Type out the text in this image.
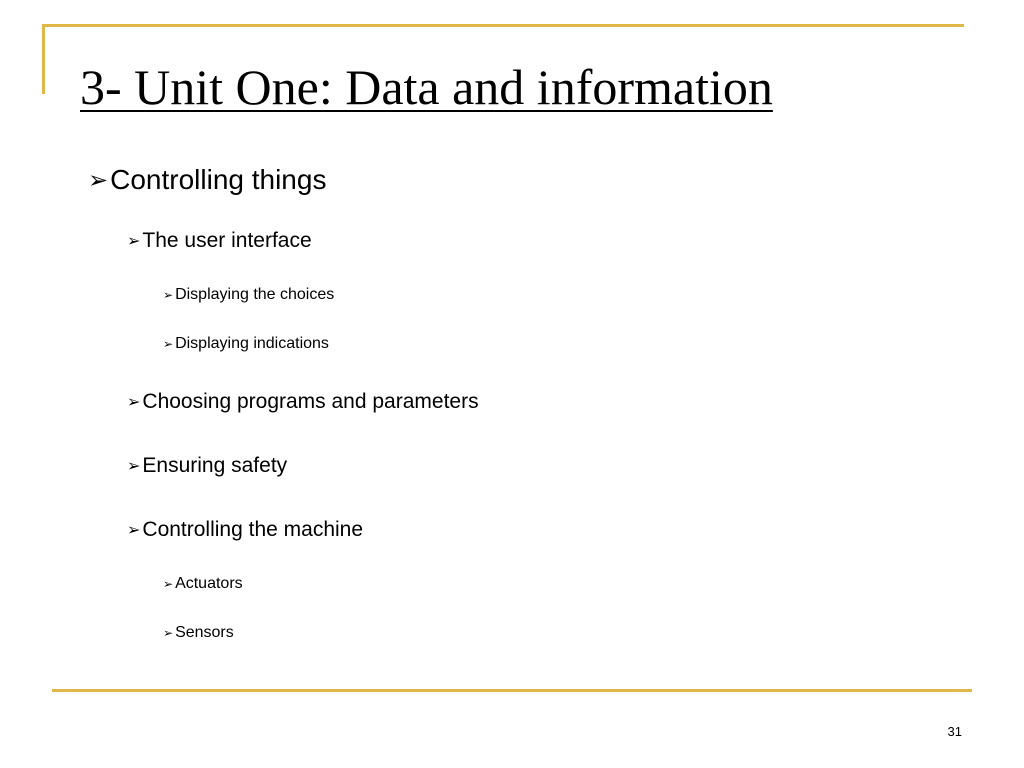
3- Unit One: Data and information
➢ Controlling things
➢ The user interface
➢ Displaying the choices
➢ Displaying indications
➢ Choosing programs and parameters
➢ Ensuring safety
➢ Controlling the machine
➢ Actuators
➢ Sensors
31
